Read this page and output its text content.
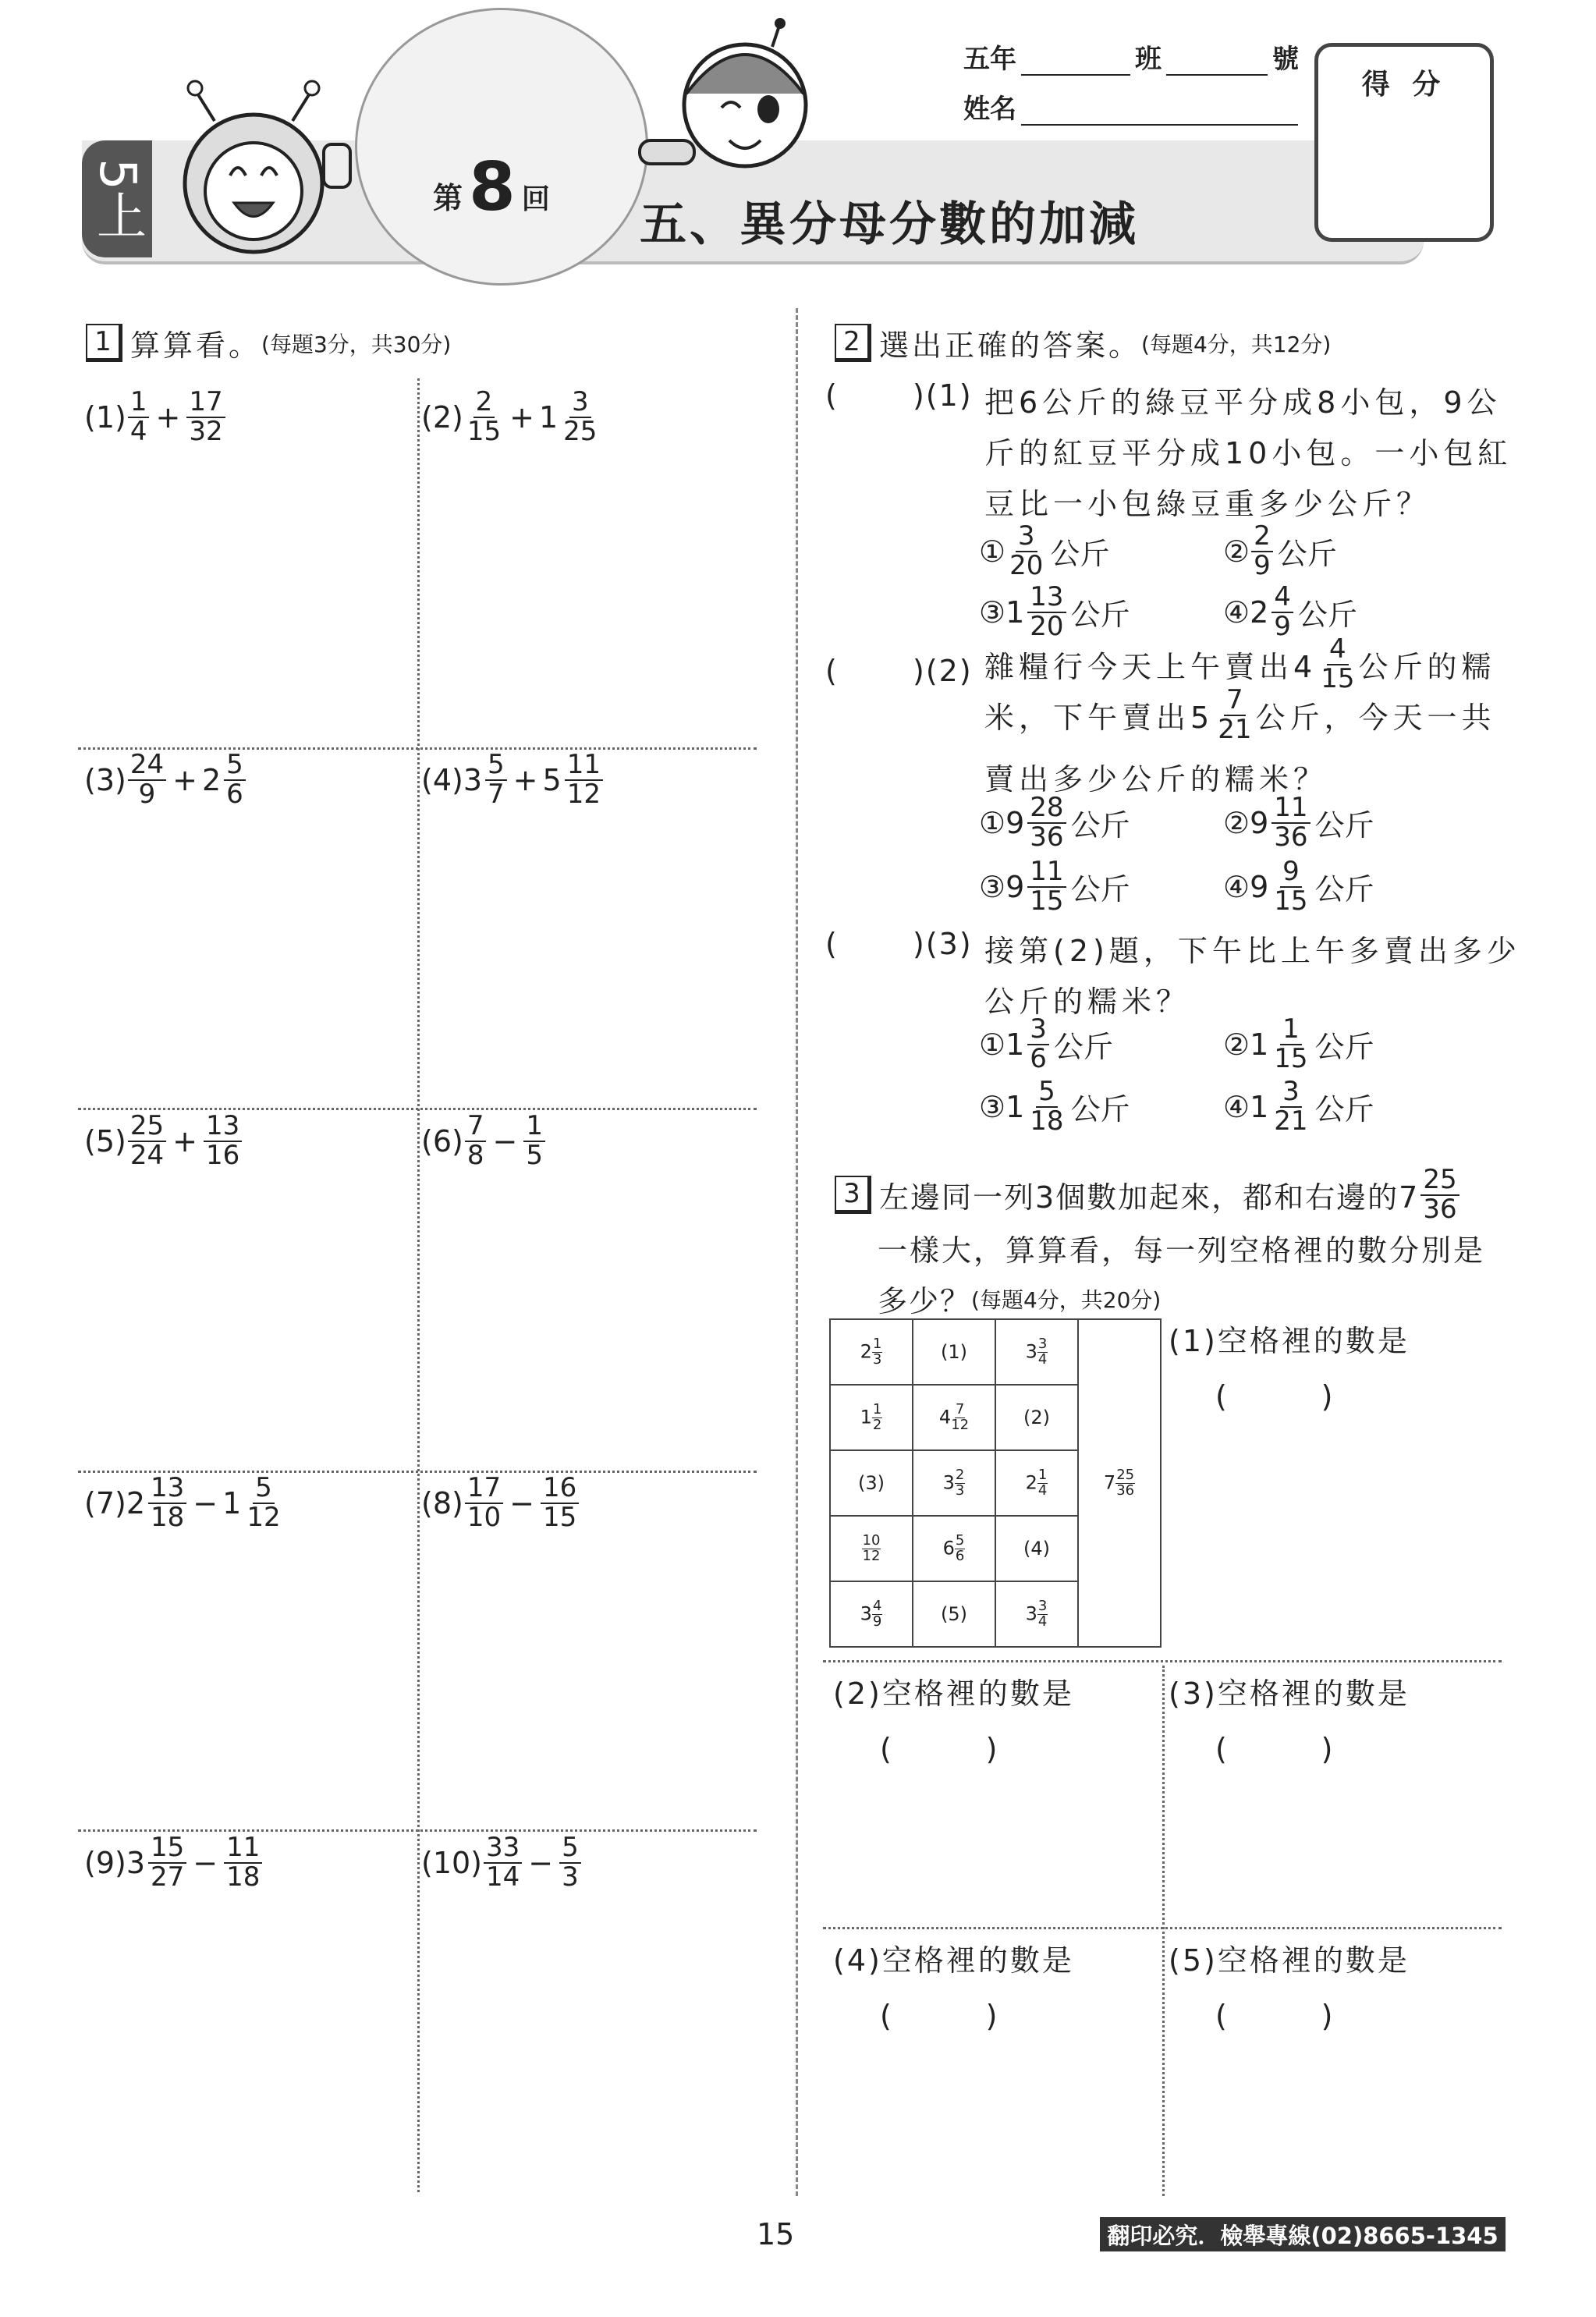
5上	第 8 回 五、異分母分數的加減
五年	班	號
姓名
得 分
1 算算看。 (每題3分，共30分)
$(1) \frac{1}{4} + \frac{17}{32}$	$(2) \frac{2}{15} + 1 \frac{3}{25}$
$(3) \frac{24}{9} + 2 \frac{5}{6}$	(4) $3 \frac{5}{7} + 5 \frac{11}{12}$
$(5) \frac{25}{24} + \frac{13}{16}$	$(6) \frac{7}{8} - \frac{1}{5}$
(7) $2 \frac{13}{18} - 1 \frac{5}{12}$	$(8) \frac{17}{10} - \frac{16}{15}$
(9) $3 \frac{15}{27} - \frac{11}{18}$	$(10) \frac{33}{14} - \frac{5}{3}$
2 選出正確的答案。 (每題4分，共12分)
( )(1) 把6公斤的綠豆平分成8小包，9公
斤的紅豆平分成10小包。一小包紅
豆比一小包綠豆重多少公斤？
① $\frac{3}{20}$ 公斤	② $\frac{2}{9}$ 公斤
③ $1 \frac{13}{20}$ 公斤	④ $2 \frac{4}{9}$ 公斤
( )(2) 雜糧行今天上午賣出$4 \frac{4}{15}$ 公斤的糯
米，下午賣出$5 \frac{7}{21}$ 公斤，今天一共
賣出多少公斤的糯米？
① $9 \frac{28}{36}$ 公斤	② $9 \frac{11}{36}$ 公斤
③ $9 \frac{11}{15}$ 公斤	④ $9 \frac{9}{15}$ 公斤
( )(3) 接第(2)題，下午比上午多賣出多少
公斤的糯米？
① $1 \frac{3}{6}$ 公斤	② $1 \frac{1}{15}$ 公斤
③ $1 \frac{5}{18}$ 公斤	④ $1 \frac{3}{21}$ 公斤
3 左邊同一列3個數加起來，都和右邊的$7 \frac{25}{36}$
一樣大，算算看，每一列空格裡的數分別是
多少？ (每題4分，共20分)
$2 \frac{1}{3}$	(1)	$3 \frac{3}{4}$	$7 \frac{25}{36}$

$1 \frac{1}{2}$	$4 \frac{7}{12}$	(2)	
(3)	$3 \frac{2}{3}$	$2 \frac{1}{4}$

$\frac{10}{12}$	$6 \frac{5}{6}$	(4)	
$3 \frac{4}{9}$	(5)	$3 \frac{3}{4}$
(1)空格裡的數是
(          )
(2)空格裡的數是
(          )
(3)空格裡的數是
(          )
(4)空格裡的數是
(          )
(5)空格裡的數是
(          )
15	翻印必究．檢舉專線(02)8665-1345
